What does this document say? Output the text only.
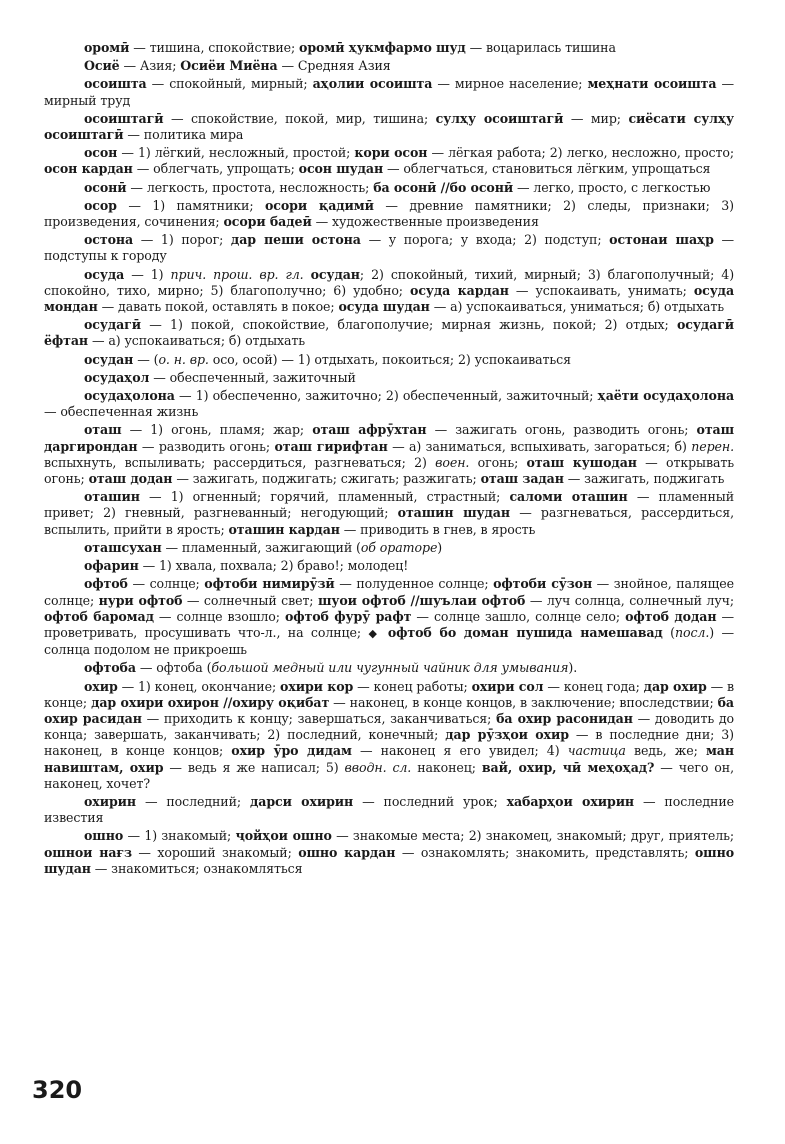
оромӣ — тишина, спокойствие; оромӣ ҳукмфармо шуд — воцарилась тишина

Осиё — Азия; Осиёи Миёна — Средняя Азия

осоишта — спокойный, мирный; аҳолии осоишта — мирное население; меҳнати осоишта — мирный труд

осоиштагӣ — спокойствие, покой, мир, тишина; сулҳу осоиштагӣ — мир; сиёсати сулҳу осоиштагӣ — политика мира

осон — 1) лёгкий, несложный, простой; кори осон — лёгкая работа; 2) легко, несложно, просто; осон кардан — облегчать, упрощать; осон шудан — облегчаться, становиться лёгким, упрощаться

осонӣ — легкость, простота, несложность; ба осонӣ //бо осонӣ — легко, просто, с легкостью

осор — 1) памятники; осори қадимӣ — древние памятники; 2) следы, признаки; 3) произведения, сочинения; осори бадеӣ — художественные произведения

остона — 1) порог; дар пеши остона — у порога; у входа; 2) подступ; остонаи шаҳр — подступы к городу

осуда — 1) прич. прош. вр. гл. осудан; 2) спокойный, тихий, мирный; 3) благополучный; 4) спокойно, тихо, мирно; 5) благополучно; 6) удобно; осуда кардан — успокаивать, унимать; осуда мондан — давать покой, оставлять в покое; осуда шудан — а) успокаиваться, униматься; б) отдыхать

осудагӣ — 1) покой, спокойствие, благополучие; мирная жизнь, покой; 2) отдых; осудагӣ ёфтан — а) успокаиваться; б) отдыхать

осудан — (о. н. вр. осо, осой) — 1) отдыхать, покоиться; 2) успокаиваться

осудаҳол — обеспеченный, зажиточный

осудаҳолона — 1) обеспеченно, зажиточно; 2) обеспеченный, зажиточный; ҳаёти осудаҳолона — обеспеченная жизнь

оташ — 1) огонь, пламя; жар; оташ афрӯхтан — зажигать огонь, разводить огонь; оташ даргирондан — разводить огонь; оташ гирифтан — а) заниматься, вспыхивать, загораться; б) перен. вспыхнуть, вспыливать; рассердиться, разгневаться; 2) воен. огонь; оташ кушодан — открывать огонь; оташ додан — зажигать, поджигать; сжигать; разжигать; оташ задан — зажигать, поджигать

оташин — 1) огненный; горячий, пламенный, страстный; саломи оташин — пламенный привет; 2) гневный, разгневанный; негодующий; оташин шудан — разгневаться, рассердиться, вспылить, прийти в ярость; оташин кардан — приводить в гнев, в ярость

оташсухан — пламенный, зажигающий (об ораторе)

офарин — 1) хвала, похвала; 2) браво!; молодец!

офтоб — солнце; офтоби нимирӯзӣ — полуденное солнце; офтоби сӯзон — знойное, палящее солнце; нури офтоб — солнечный свет; шуои офтоб //шуълаи офтоб — луч солнца, солнечный луч; офтоб баромад — солнце взошло; офтоб фурӯ рафт — солнце зашло, солнце село; офтоб додан — проветривать, просушивать что-л., на солнце; ◆ офтоб бо доман пушида намешавад (посл.) — солнца подолом не прикроешь

офтоба — офтоба (большой медный или чугунный чайник для умывания).

охир — 1) конец, окончание; охири кор — конец работы; охири сол — конец года; дар охир — в конце; дар охири охирон //охиру оқибат — наконец, в конце концов, в заключение; впоследствии; ба охир расидан — приходить к концу; завершаться, заканчиваться; ба охир расонидан — доводить до конца; завершать, заканчивать; 2) последний, конечный; дар рӯзҳои охир — в последние дни; 3) наконец, в конце концов; охир ӯро дидам — наконец я его увидел; 4) частица ведь, же; ман навиштам, охир — ведь я же написал; 5) вводн. сл. наконец; вай, охир, чӣ меҳоҳад? — чего он, наконец, хочет?

охирин — последний; дарси охирин — последний урок; хабарҳои охирин — последние известия

ошно — 1) знакомый; ҷойҳои ошно — знакомые места; 2) знакомец, знакомый; друг, приятель; ошнои нағз — хороший знакомый; ошно кардан — ознакомлять; знакомить, представлять; ошно шудан — знакомиться; ознакомляться

320
